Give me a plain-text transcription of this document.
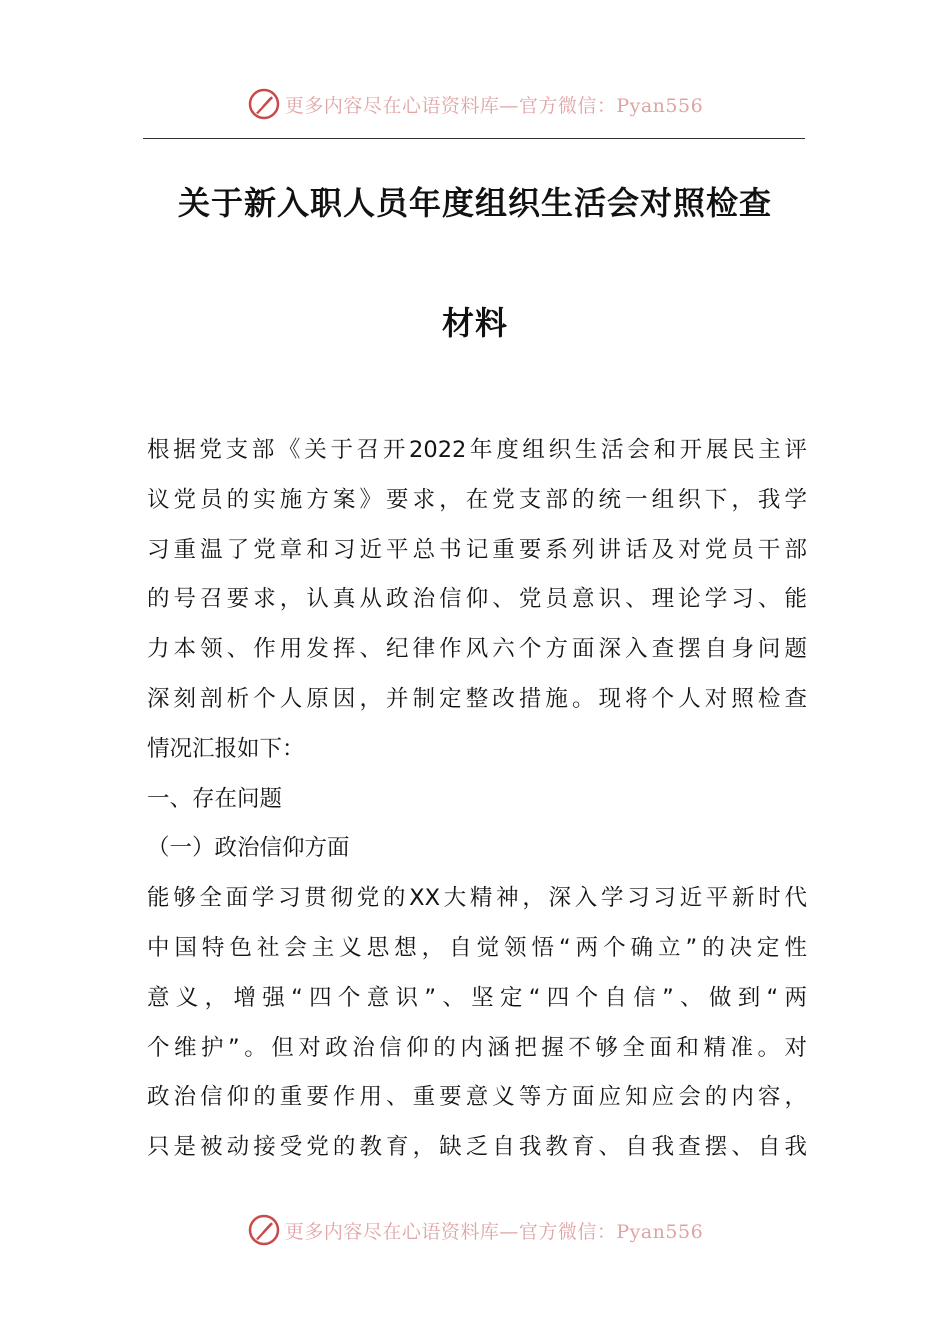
更多内容尽在心语资料库—官方微信：Pyan556
关于新入职人员年度组织生活会对照检查
材料
根据党支部《关于召开2022年度组织生活会和开展民主评
议党员的实施方案》要求，在党支部的统一组织下，我学
习重温了党章和习近平总书记重要系列讲话及对党员干部
的号召要求，认真从政治信仰、党员意识、理论学习、能
力本领、作用发挥、纪律作风六个方面深入查摆自身问题
深刻剖析个人原因，并制定整改措施。现将个人对照检查
情况汇报如下：
一、存在问题
（一）政治信仰方面
能够全面学习贯彻党的XX大精神，深入学习习近平新时代
中国特色社会主义思想，自觉领悟“两个确立”的决定性
意义，增强“四个意识”、坚定“四个自信”、做到“两
个维护”。但对政治信仰的内涵把握不够全面和精准。对
政治信仰的重要作用、重要意义等方面应知应会的内容，
只是被动接受党的教育，缺乏自我教育、自我查摆、自我
更多内容尽在心语资料库—官方微信：Pyan556
